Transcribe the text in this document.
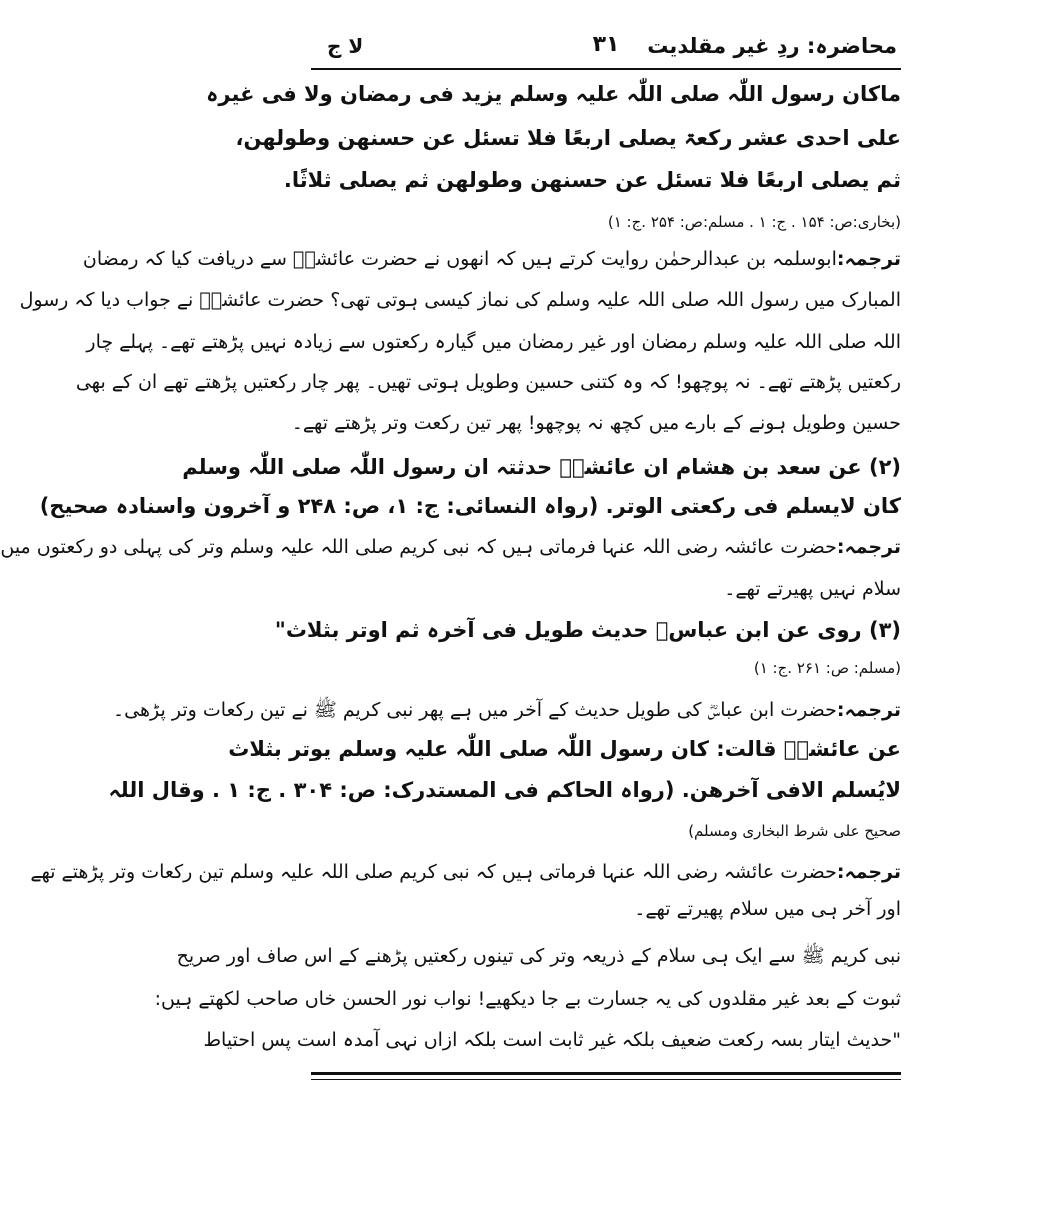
محاضرہ: ردِ غیر مقلدیت
۳۱
لا ج
ماکان رسول اللّٰہ صلی اللّٰہ علیہ وسلم یزید فی رمضان ولا فی غیرہ
علی احدی عشر رکعۃ یصلی اربعًا فلا تسئل عن حسنھن وطولھن،
ثم یصلی اربعًا فلا تسئل عن حسنھن وطولھن ثم یصلی ثلاثًا.
(بخاری:ص: ۱۵۴ . ج: ۱ . مسلم:ص: ۲۵۴ .ج: ۱)
ترجمہ:ابوسلمہ بن عبدالرحمٰن روایت کرتے ہیں کہ انھوں نے حضرت عائشہؓ سے دریافت کیا کہ رمضان
المبارک میں رسول اللہ صلی اللہ علیہ وسلم کی نماز کیسی ہوتی تھی؟ حضرت عائشہؓ نے جواب دیا کہ رسول
اللہ صلی اللہ علیہ وسلم رمضان اور غیر رمضان میں گیارہ رکعتوں سے زیادہ نہیں پڑھتے تھے۔ پہلے چار
رکعتیں پڑھتے تھے۔ نہ پوچھو! کہ وہ کتنی حسین وطویل ہوتی تھیں۔ پھر چار رکعتیں پڑھتے تھے ان کے بھی
حسین وطویل ہونے کے بارے میں کچھ نہ پوچھو! پھر تین رکعت وتر پڑھتے تھے۔
(۲) عن سعد بن ھشام ان عائشۃؓ حدثتہ ان رسول اللّٰہ صلی اللّٰہ وسلم
کان لایسلم فی رکعتی الوتر. (رواہ النسائی: ج: ۱، ص: ۲۴۸ و آخرون واسنادہ صحیح)
ترجمہ:حضرت عائشہ رضی اللہ عنہا فرماتی ہیں کہ نبی کریم صلی اللہ علیہ وسلم وتر کی پہلی دو رکعتوں میں
سلام نہیں پھیرتے تھے۔
(۳) روی عن ابن عباسؓ حدیث طویل فی آخرہ ثم اوتر بثلاث"
(مسلم: ص: ۲۶۱ .ج: ۱)
ترجمہ:حضرت ابن عباسؓ کی طویل حدیث کے آخر میں ہے پھر نبی کریم ﷺ نے تین رکعات وتر پڑھی۔
عن عائشۃؓ قالت: کان رسول اللّٰہ صلی اللّٰہ علیہ وسلم یوتر بثلاث
لایُسلم الافی آخرھن. (رواہ الحاکم فی المستدرک: ص: ۳۰۴ . ج: ۱ . وقال اللہ
صحیح علی شرط البخاری ومسلم)
ترجمہ:حضرت عائشہ رضی اللہ عنہا فرماتی ہیں کہ نبی کریم صلی اللہ علیہ وسلم تین رکعات وتر پڑھتے تھے
اور آخر ہی میں سلام پھیرتے تھے۔
نبی کریم ﷺ سے ایک ہی سلام کے ذریعہ وتر کی تینوں رکعتیں پڑھنے کے اس صاف اور صریح
ثبوت کے بعد غیر مقلدوں کی یہ جسارت بے جا دیکھیے! نواب نور الحسن خاں صاحب لکھتے ہیں:
"حدیث ایتار بسہ رکعت ضعیف بلکہ غیر ثابت است بلکہ ازاں نہی آمدہ است پس احتیاط
